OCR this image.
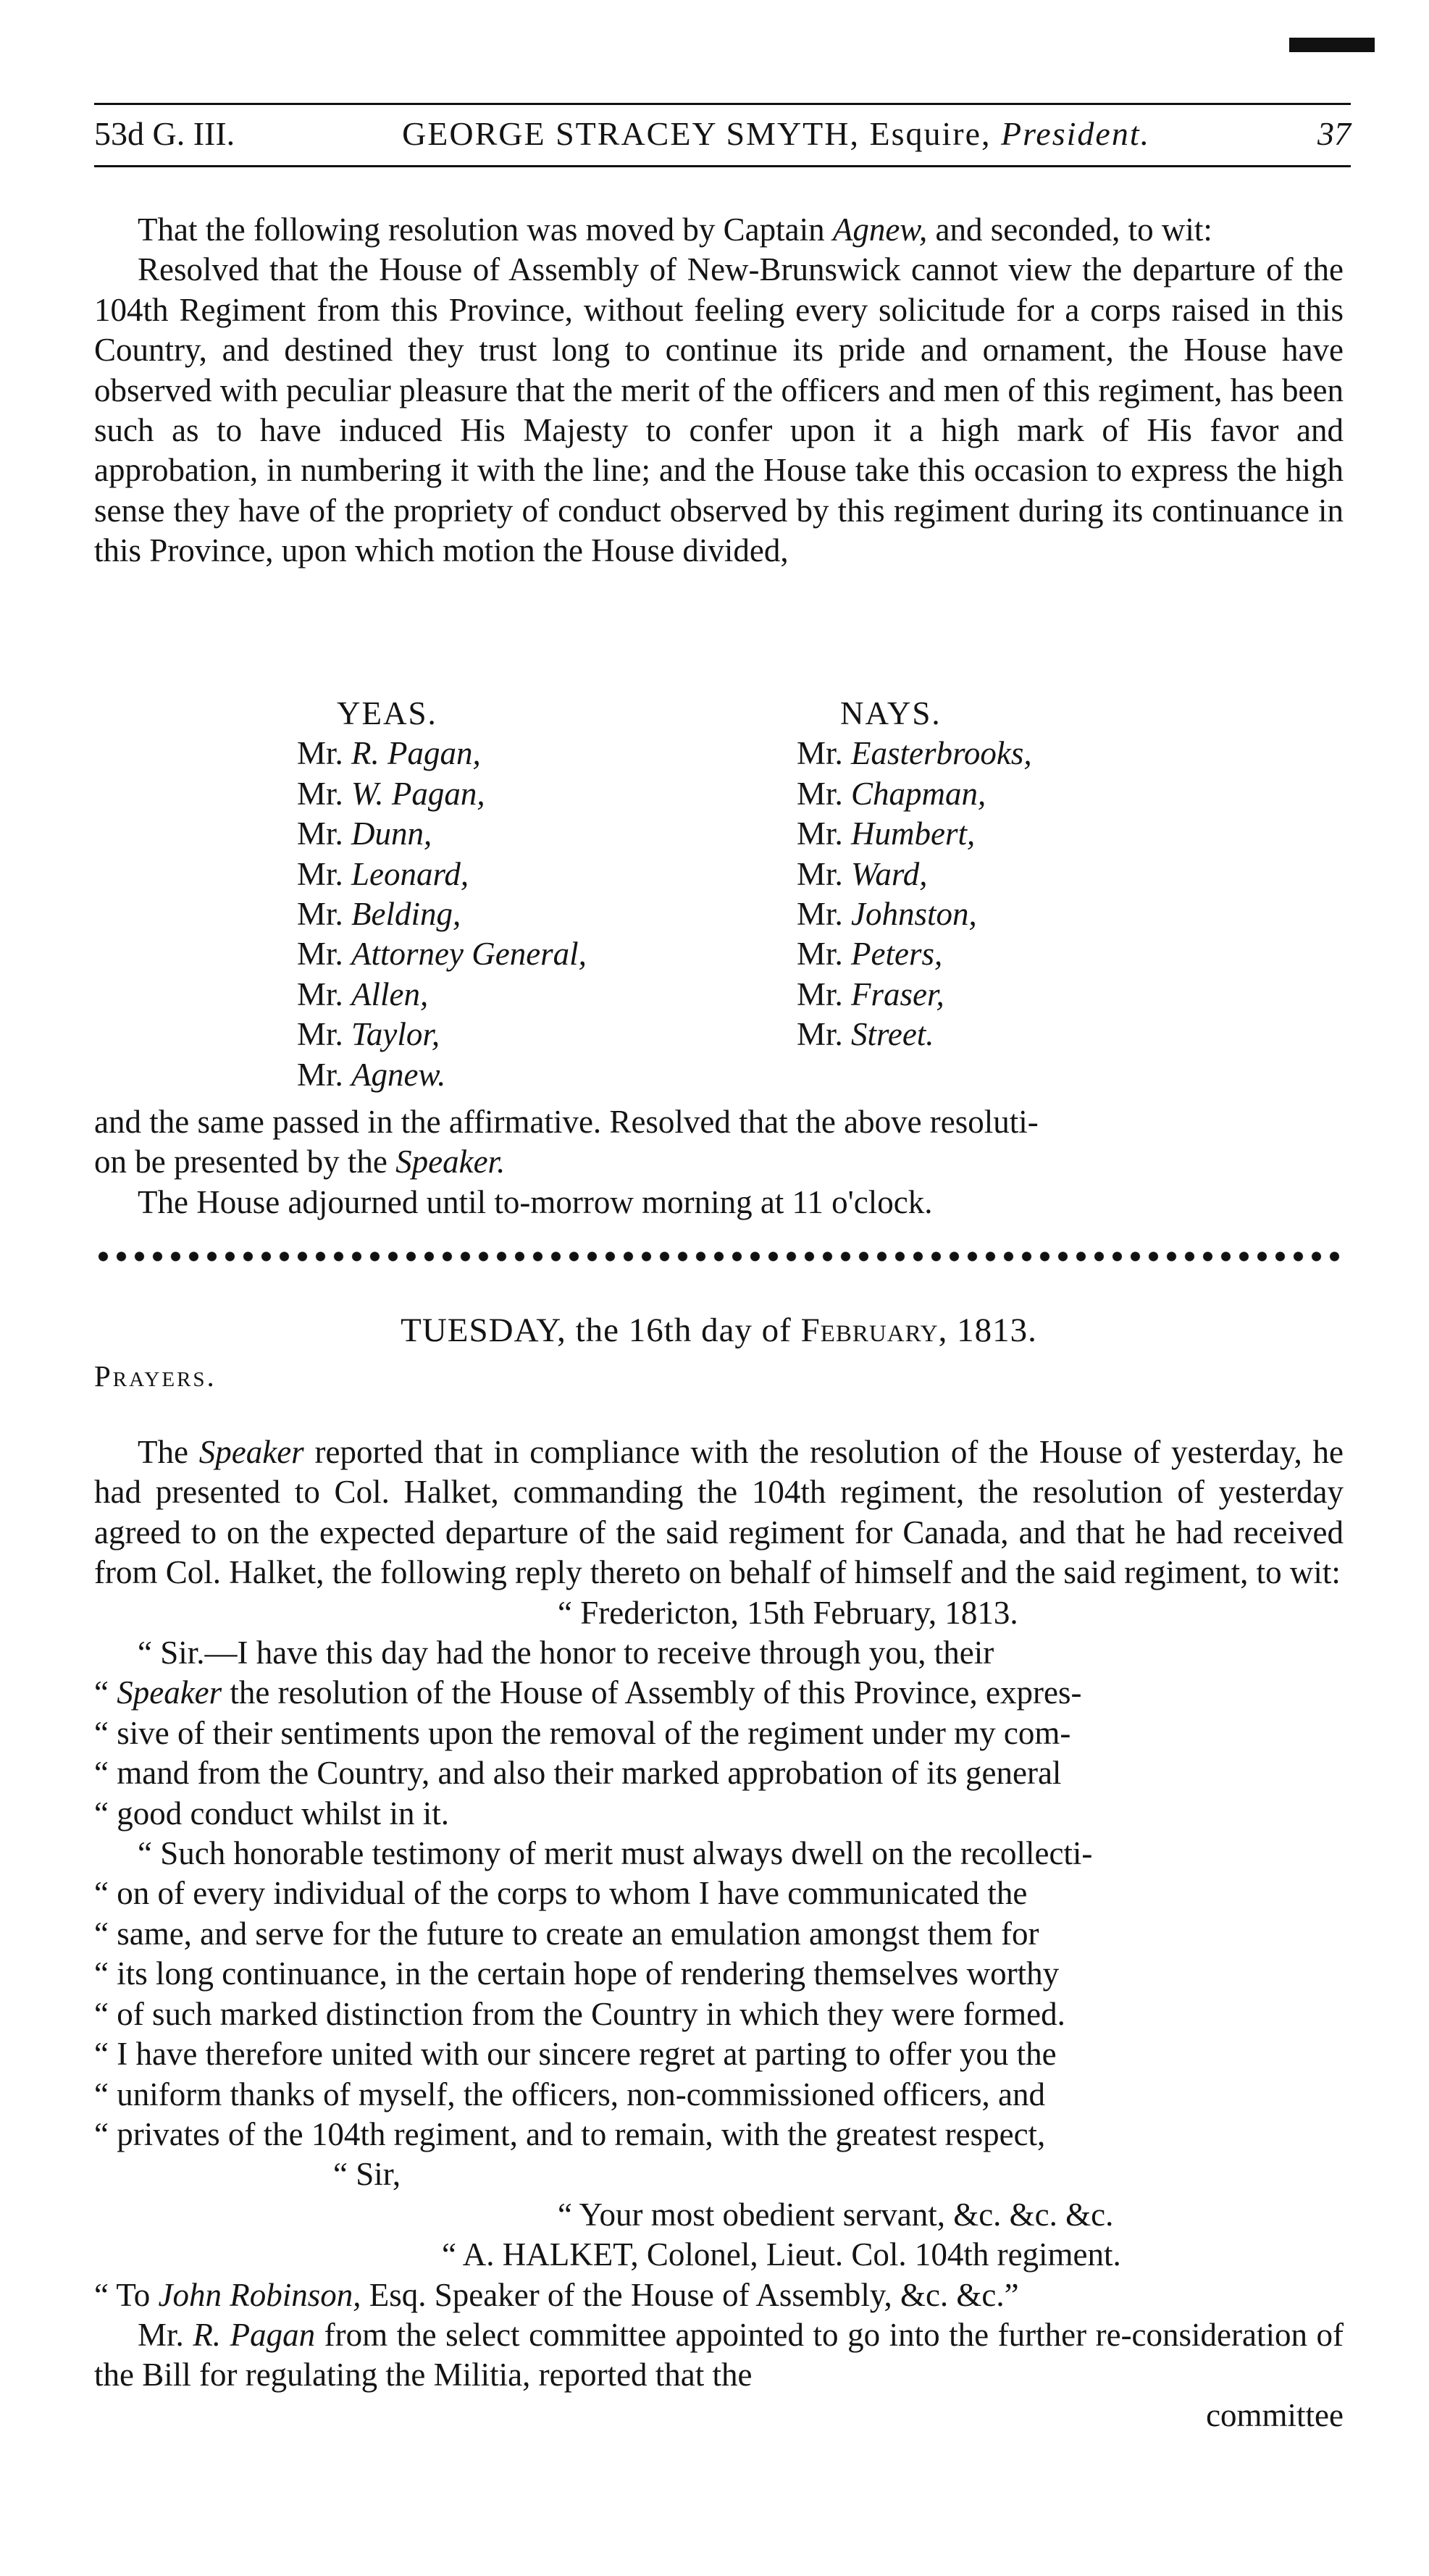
53d G. III.	GEORGE STRACEY SMYTH, Esquire, President.	37

That the following resolution was moved by Captain Agnew, and seconded, to wit:

Resolved that the House of Assembly of New-Brunswick cannot view the departure of the 104th Regiment from this Province, without feeling every solicitude for a corps raised in this Country, and destined they trust long to continue its pride and ornament, the House have observed with peculiar pleasure that the merit of the officers and men of this regiment, has been such as to have induced His Majesty to confer upon it a high mark of His favor and approbation, in numbering it with the line; and the House take this occasion to express the high sense they have of the propriety of conduct observed by this regiment during its continuance in this Province, upon which motion the House divided,

YEAS.
Mr. R. Pagan,
Mr. W. Pagan,
Mr. Dunn,
Mr. Leonard,
Mr. Belding,
Mr. Attorney General,
Mr. Allen,
Mr. Taylor,
Mr. Agnew.
NAYS.
Mr. Easterbrooks,
Mr. Chapman,
Mr. Humbert,
Mr. Ward,
Mr. Johnston,
Mr. Peters,
Mr. Fraser,
Mr. Street.

and the same passed in the affirmative. Resolved that the above resoluti-

on be presented by the Speaker.

The House adjourned until to-morrow morning at 11 o'clock.

TUESDAY, the 16th day of February, 1813.
Prayers.

The Speaker reported that in compliance with the resolution of the House of yesterday, he had presented to Col. Halket, commanding the 104th regiment, the resolution of yesterday agreed to on the expected departure of the said regiment for Canada, and that he had received from Col. Halket, the following reply thereto on behalf of himself and the said regiment, to wit:

“ Fredericton, 15th February, 1813.

“ Sir.—I have this day had the honor to receive through you, their

“ Speaker the resolution of the House of Assembly of this Province, expres-

“ sive of their sentiments upon the removal of the regiment under my com-

“ mand from the Country, and also their marked approbation of its general

“ good conduct whilst in it.

“ Such honorable testimony of merit must always dwell on the recollecti-

“ on of every individual of the corps to whom I have communicated the

“ same, and serve for the future to create an emulation amongst them for

“ its long continuance, in the certain hope of rendering themselves worthy

“ of such marked distinction from the Country in which they were formed.

“ I have therefore united with our sincere regret at parting to offer you the

“ uniform thanks of myself, the officers, non-commissioned officers, and

“ privates of the 104th regiment, and to remain, with the greatest respect,

“ Sir,

“ Your most obedient servant, &c. &c. &c.

“ A. HALKET, Colonel, Lieut. Col. 104th regiment.

“ To John Robinson, Esq. Speaker of the House of Assembly, &c. &c.”

Mr. R. Pagan from the select committee appointed to go into the further re-consideration of the Bill for regulating the Militia, reported that the

committee
